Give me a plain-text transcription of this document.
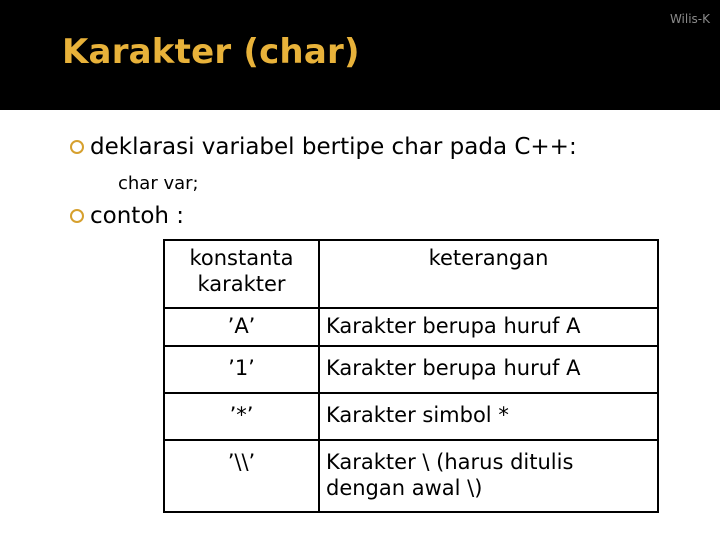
Wilis-K
Karakter (char)
deklarasi variabel bertipe char pada C++:
char var;
contoh :
konstanta karakter	keterangan
’A’	Karakter berupa huruf A
’1’	Karakter berupa huruf A
’*’	Karakter simbol *
’\\’	Karakter \ (harus ditulis dengan awal \)
